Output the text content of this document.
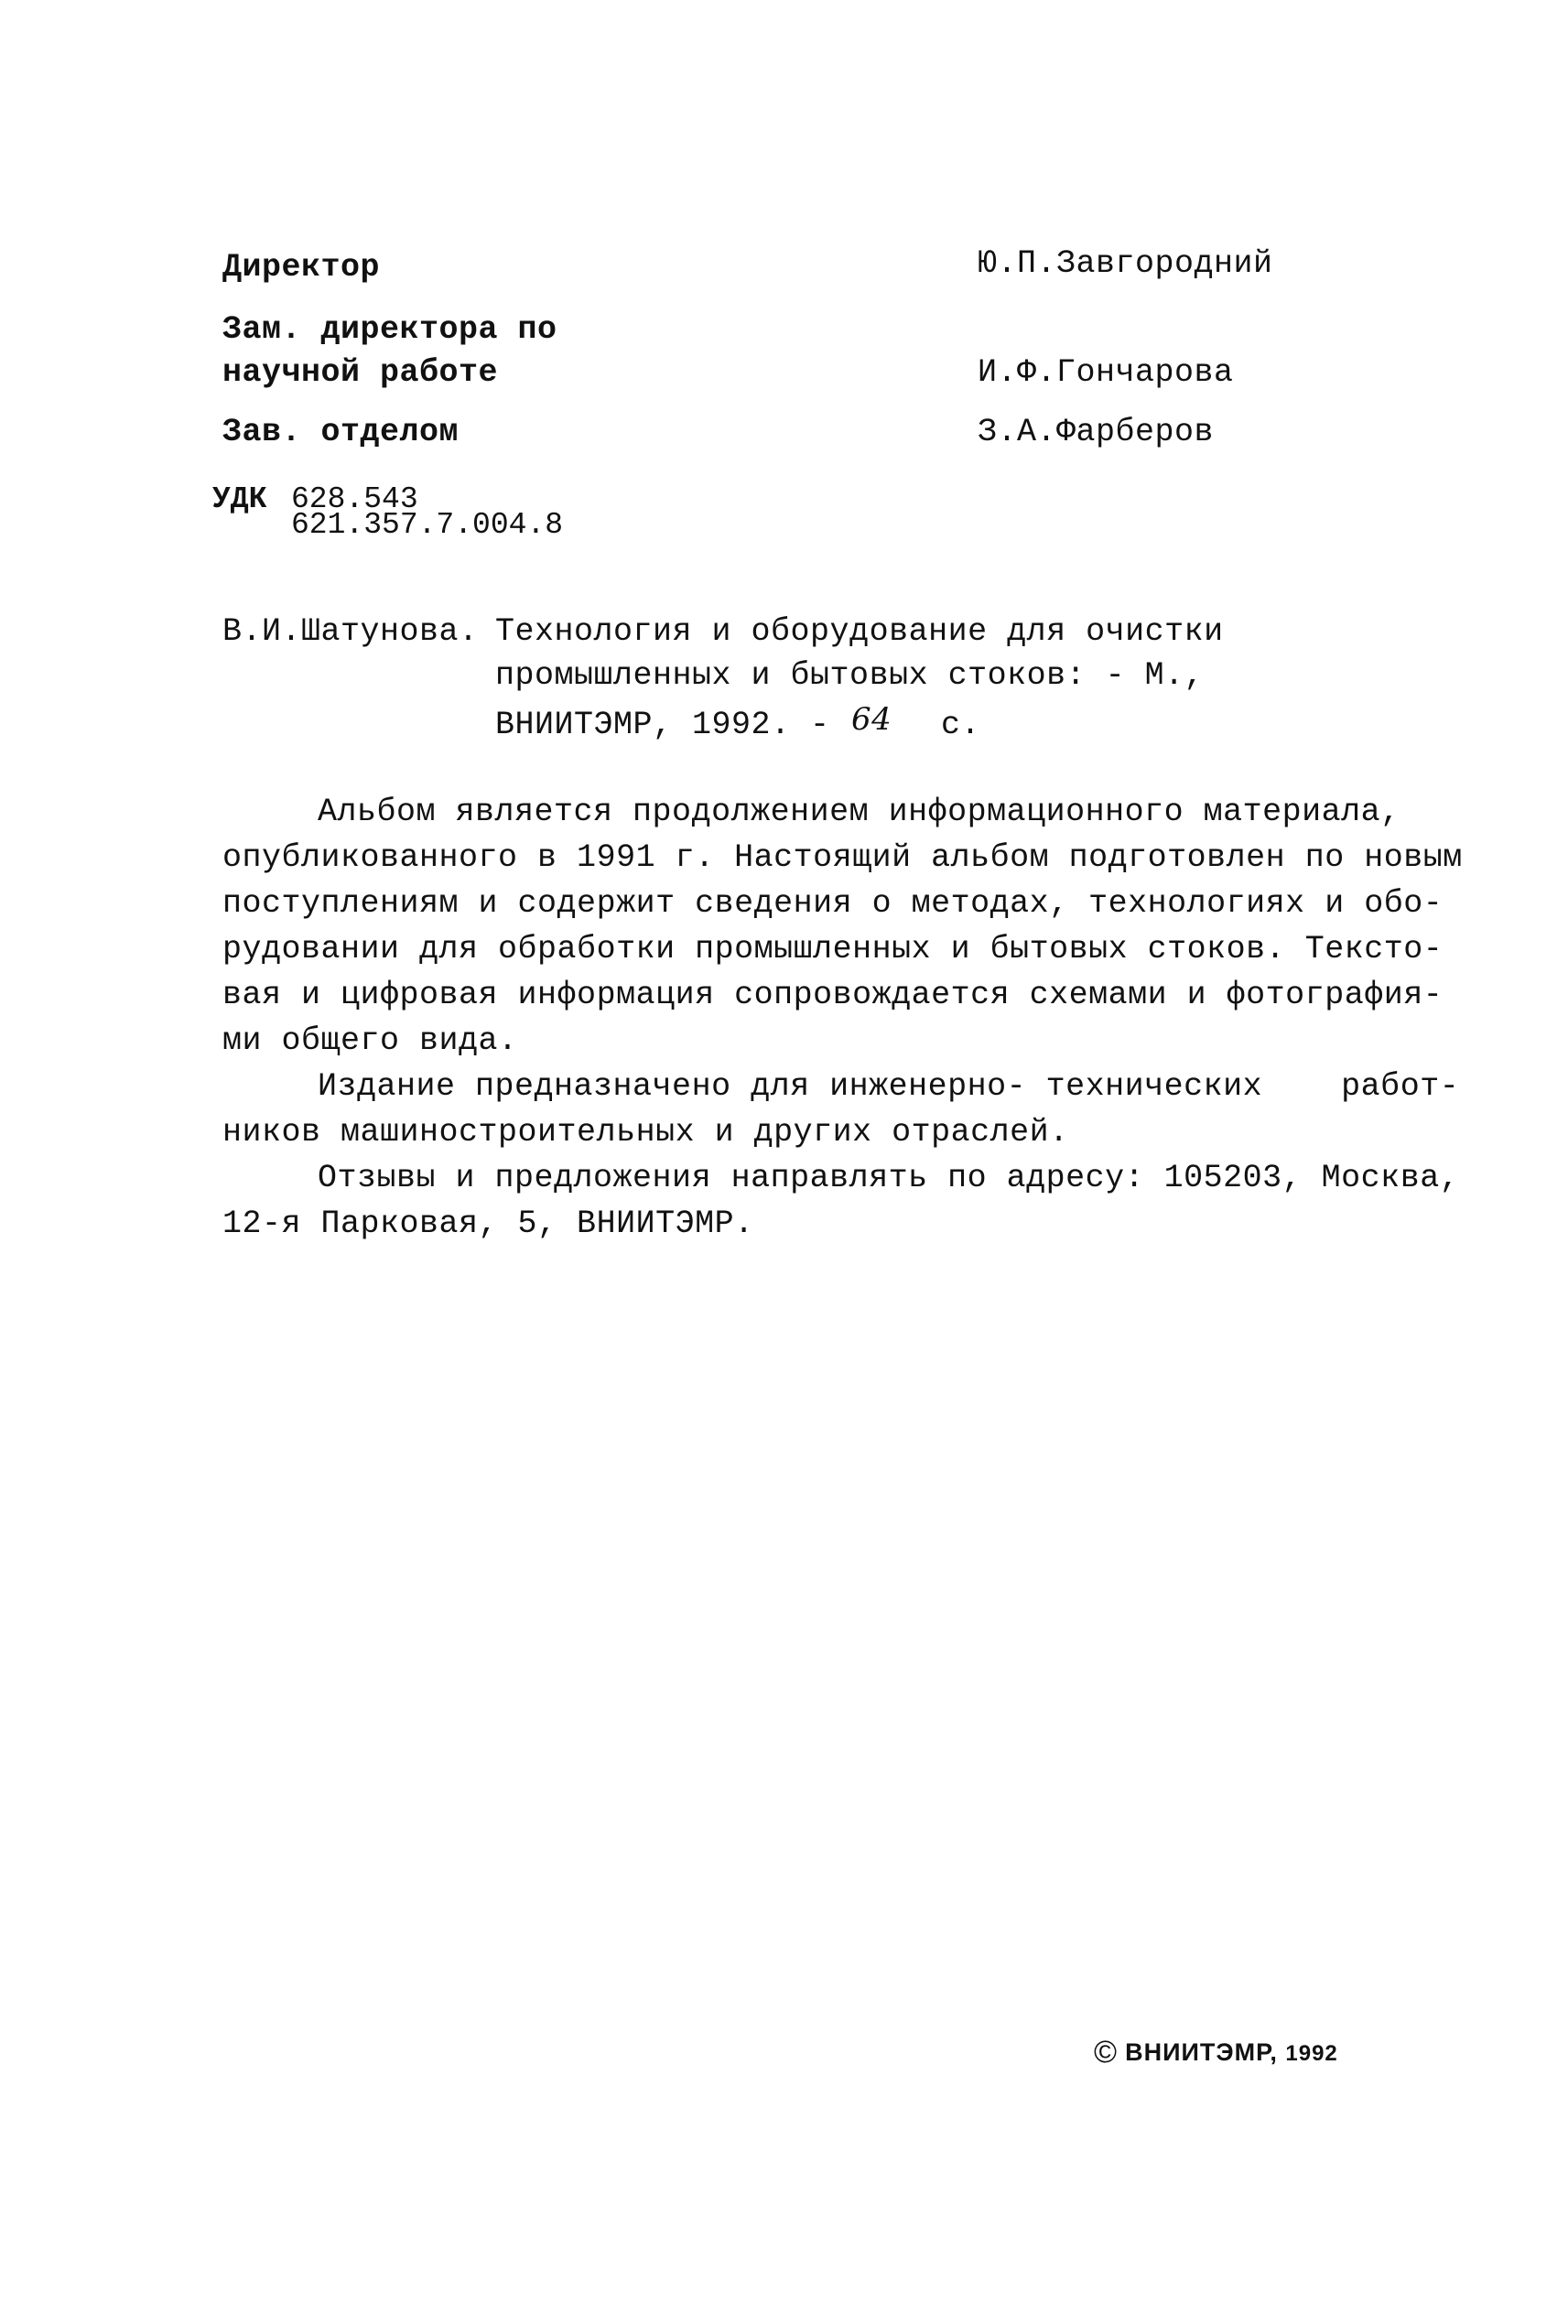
Директор	Ю.П.Завгородний
Зам. директора по
научной работе	И.Ф.Гончарова
Зав. отделом	З.А.Фарберов
УДК 628.543
621.357.7.004.8
В.И.Шатунова. Технология и оборудование для очистки
промышленных и бытовых стоков: - М.,
ВНИИТЭМР, 1992. - 64 с.
Альбом является продолжением информационного материала,
опубликованного в 1991 г. Настоящий альбом подготовлен по новым
поступлениям и содержит сведения о методах, технологиях и обо-
рудовании для обработки промышленных и бытовых стоков. Тексто-
вая и цифровая информация сопровождается схемами и фотография-
ми общего вида.
Издание предназначено для инженерно- технических    работ-
ников машиностроительных и других отраслей.
Отзывы и предложения направлять по адресу: 105203, Москва,
12-я Парковая, 5, ВНИИТЭМР.

© ВНИИТЭМР, 1992
